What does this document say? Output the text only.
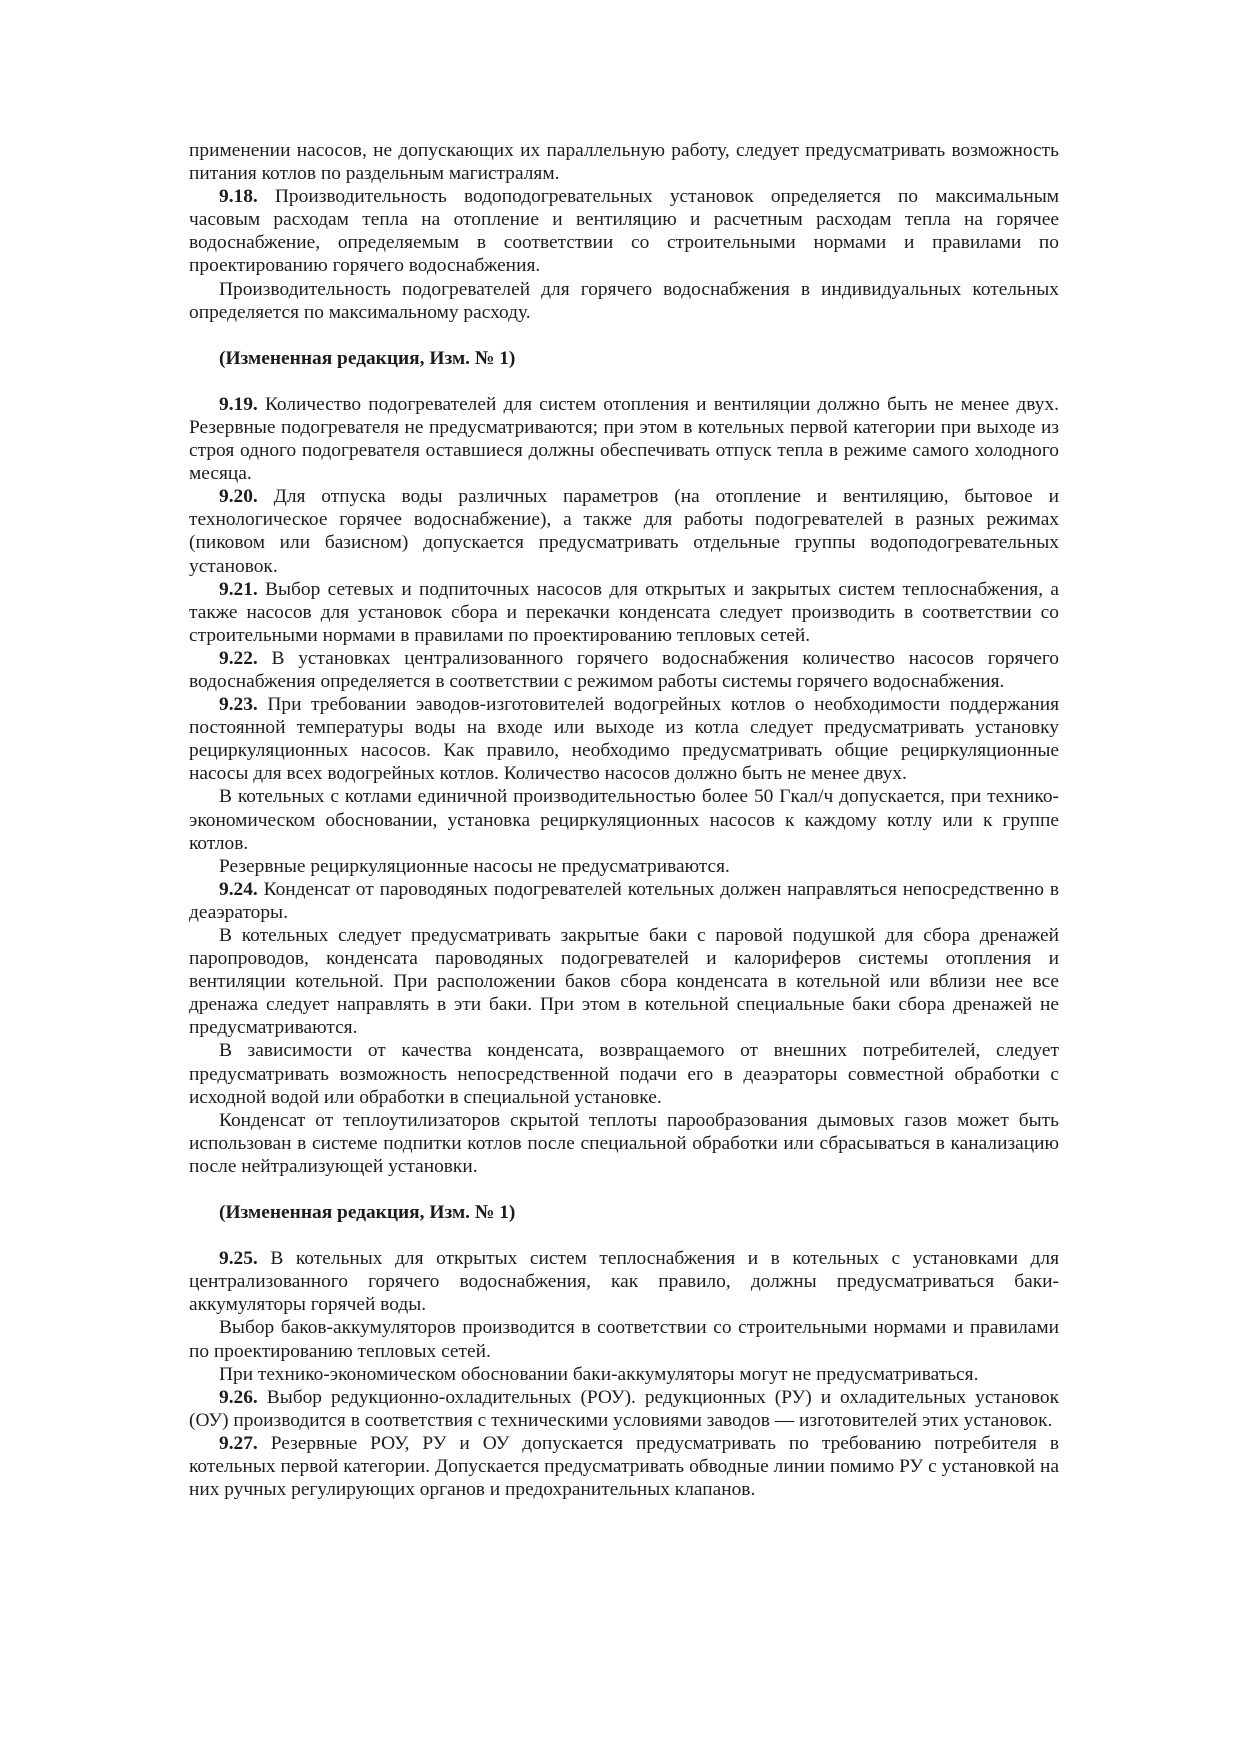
применении насосов, не допускающих их параллельную работу, следует предусматривать возможность питания котлов по раздельным магистралям.

9.18. Производительность водоподогревательных установок определяется по максимальным часовым расходам тепла на отопление и вентиляцию и расчетным расходам тепла на горячее водоснабжение, определяемым в соответствии со строительными нормами и правилами по проектированию горячего водоснабжения.

Производительность подогревателей для горячего водоснабжения в индивидуальных котельных определяется по максимальному расходу.

(Измененная редакция, Изм. № 1)

9.19. Количество подогревателей для систем отопления и вентиляции должно быть не менее двух. Резервные подогревателя не предусматриваются; при этом в котельных первой категории при выходе из строя одного подогревателя оставшиеся должны обеспечивать отпуск тепла в режиме самого холодного месяца.

9.20. Для отпуска воды различных параметров (на отопление и вентиляцию, бытовое и технологическое горячее водоснабжение), а также для работы подогревателей в разных режимах (пиковом или базисном) допускается предусматривать отдельные группы водоподогревательных установок.

9.21. Выбор сетевых и подпиточных насосов для открытых и закрытых систем теплоснабжения, а также насосов для установок сбора и перекачки конденсата следует производить в соответствии со строительными нормами в правилами по проектированию тепловых сетей.

9.22. В установках централизованного горячего водоснабжения количество насосов горячего водоснабжения определяется в соответствии с режимом работы системы горячего водоснабжения.

9.23. При требовании эаводов-изготовителей водогрейных котлов о необходимости поддержания постоянной температуры воды на входе или выходе из котла следует предусматривать установку рециркуляционных насосов. Как правило, необходимо предусматривать общие рециркуляционные насосы для всех водогрейных котлов. Количество насосов должно быть не менее двух.

В котельных с котлами единичной производительностью более 50 Гкал/ч допускается, при технико-экономическом обосновании, установка рециркуляционных насосов к каждому котлу или к группе котлов.

Резервные рециркуляционные насосы не предусматриваются.

9.24. Конденсат от пароводяных подогревателей котельных должен направляться непосредственно в деаэраторы.

В котельных следует предусматривать закрытые баки с паровой подушкой для сбора дренажей паропроводов, конденсата пароводяных подогревателей и калориферов системы отопления и вентиляции котельной. При расположении баков сбора конденсата в котельной или вблизи нее все дренажа следует направлять в эти баки. При этом в котельной специальные баки сбора дренажей не предусматриваются.

В зависимости от качества конденсата, возвращаемого от внешних потребителей, следует предусматривать возможность непосредственной подачи его в деаэраторы совместной обработки с исходной водой или обработки в специальной установке.

Конденсат от теплоутилизаторов скрытой теплоты парообразования дымовых газов может быть использован в системе подпитки котлов после специальной обработки или сбрасываться в канализацию после нейтрализующей установки.

(Измененная редакция, Изм. № 1)

9.25. В котельных для открытых систем теплоснабжения и в котельных с установками для централизованного горячего водоснабжения, как правило, должны предусматриваться баки-аккумуляторы горячей воды.

Выбор баков-аккумуляторов производится в соответствии со строительными нормами и правилами по проектированию тепловых сетей.

При технико-экономическом обосновании баки-аккумуляторы могут не предусматриваться.

9.26. Выбор редукционно-охладительных (РОУ). редукционных (РУ) и охладительных установок (ОУ) производится в соответствия с техническими условиями заводов — изготовителей этих установок.

9.27. Резервные РОУ, РУ и ОУ допускается предусматривать по требованию потребителя в котельных первой категории. Допускается предусматривать обводные линии помимо РУ с установкой на них ручных регулирующих органов и предохранительных клапанов.
